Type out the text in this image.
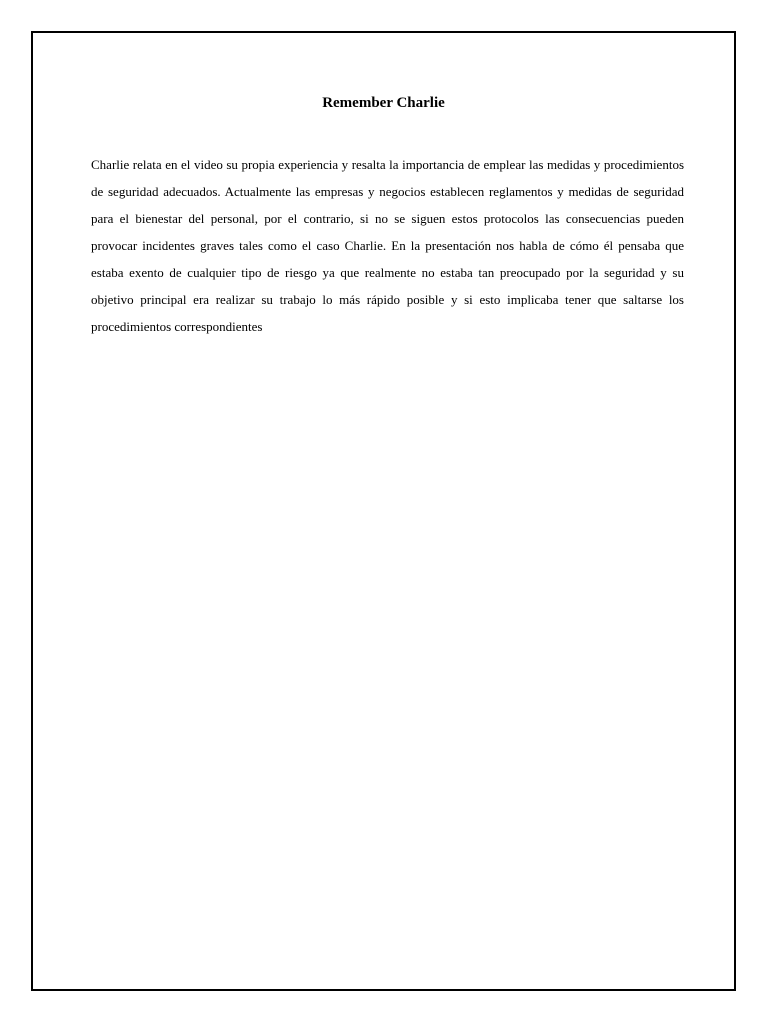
Remember Charlie

Charlie relata en el video su propia experiencia y resalta la importancia de emplear las medidas y procedimientos de seguridad adecuados. Actualmente las empresas y negocios establecen reglamentos y medidas de seguridad para el bienestar del personal, por el contrario, si no se siguen estos protocolos las consecuencias pueden provocar incidentes graves tales como el caso Charlie. En la presentación nos habla de cómo él pensaba que estaba exento de cualquier tipo de riesgo ya que realmente no estaba tan preocupado por la seguridad y su objetivo principal era realizar su trabajo lo más rápido posible y si esto implicaba tener que saltarse los procedimientos correspondientes
